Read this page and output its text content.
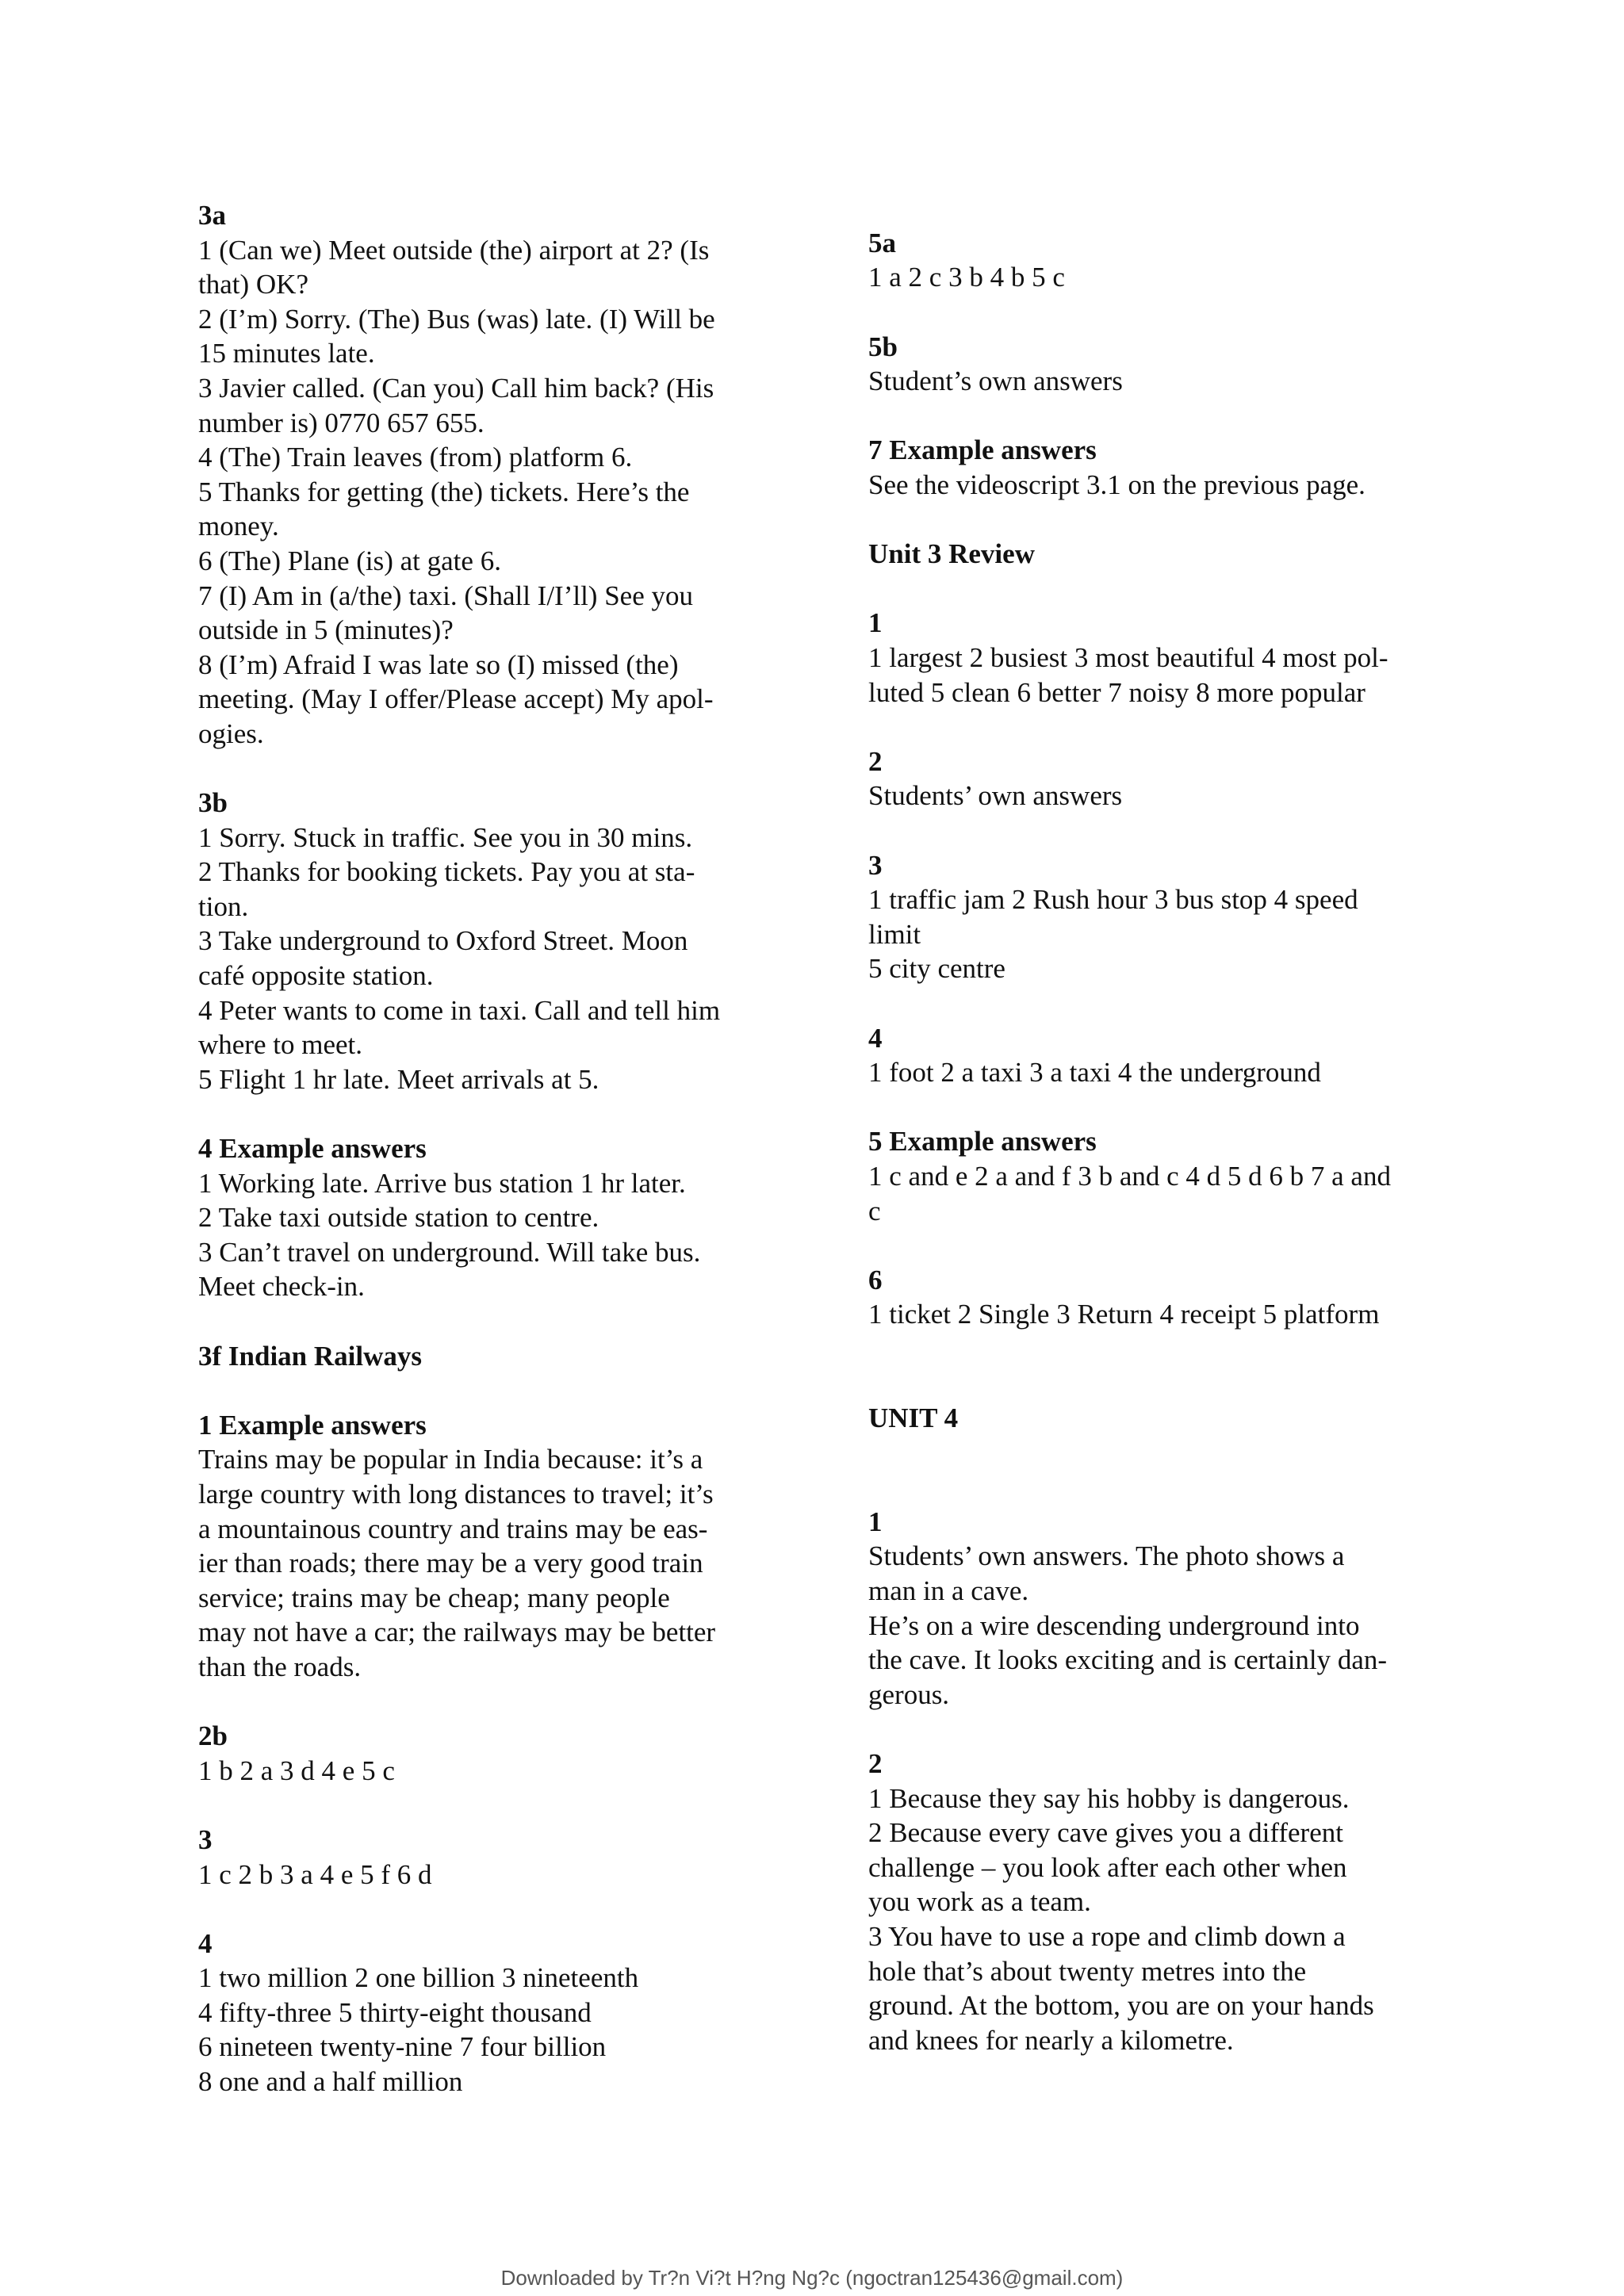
3a

1 (Can we) Meet outside (the) airport at 2? (Is

that) OK?

2 (I’m) Sorry. (The) Bus (was) late. (I) Will be

15 minutes late.

3 Javier called. (Can you) Call him back? (His

number is) 0770 657 655.

4 (The) Train leaves (from) platform 6.

5 Thanks for getting (the) tickets. Here’s the

money.

6 (The) Plane (is) at gate 6.

7 (I) Am in (a/the) taxi. (Shall I/I’ll) See you

outside in 5 (minutes)?

8 (I’m) Afraid I was late so (I) missed (the)

meeting. (May I offer/Please accept) My apol-

ogies.

3b

1 Sorry. Stuck in traffic. See you in 30 mins.

2 Thanks for booking tickets. Pay you at sta-

tion.

3 Take underground to Oxford Street. Moon

café opposite station.

4 Peter wants to come in taxi. Call and tell him

where to meet.

5 Flight 1 hr late. Meet arrivals at 5.

4 Example answers

1 Working late. Arrive bus station 1 hr later.

2 Take taxi outside station to centre.

3 Can’t travel on underground. Will take bus.

Meet check-in.

3f Indian Railways

1 Example answers

Trains may be popular in India because: it’s a

large country with long distances to travel; it’s

a mountainous country and trains may be eas-

ier than roads; there may be a very good train

service; trains may be cheap; many people

may not have a car; the railways may be better

than the roads.

2b

1 b 2 a 3 d 4 e 5 c

3

1 c 2 b 3 a 4 e 5 f 6 d

4

1 two million 2 one billion 3 nineteenth

4 fifty-three 5 thirty-eight thousand

6 nineteen twenty-nine 7 four billion

8 one and a half million

5a

1 a 2 c 3 b 4 b 5 c

5b

Student’s own answers

7 Example answers

See the videoscript 3.1 on the previous page.

Unit 3 Review

1

1 largest 2 busiest 3 most beautiful 4 most pol-

luted 5 clean 6 better 7 noisy 8 more popular

2

Students’ own answers

3

1 traffic jam 2 Rush hour 3 bus stop 4 speed

limit

5 city centre

4

1 foot 2 a taxi 3 a taxi 4 the underground

5 Example answers

1 c and e 2 a and f 3 b and c 4 d 5 d 6 b 7 a and

c

6

1 ticket 2 Single 3 Return 4 receipt 5 platform

UNIT 4

1

Students’ own answers. The photo shows a

man in a cave.

He’s on a wire descending underground into

the cave. It looks exciting and is certainly dan-

gerous.

2

1 Because they say his hobby is dangerous.

2 Because every cave gives you a different

challenge – you look after each other when

you work as a team.

3 You have to use a rope and climb down a

hole that’s about twenty metres into the

ground. At the bottom, you are on your hands

and knees for nearly a kilometre.

Downloaded by Tr?n Vi?t H?ng Ng?c (ngoctran125436@gmail.com)
